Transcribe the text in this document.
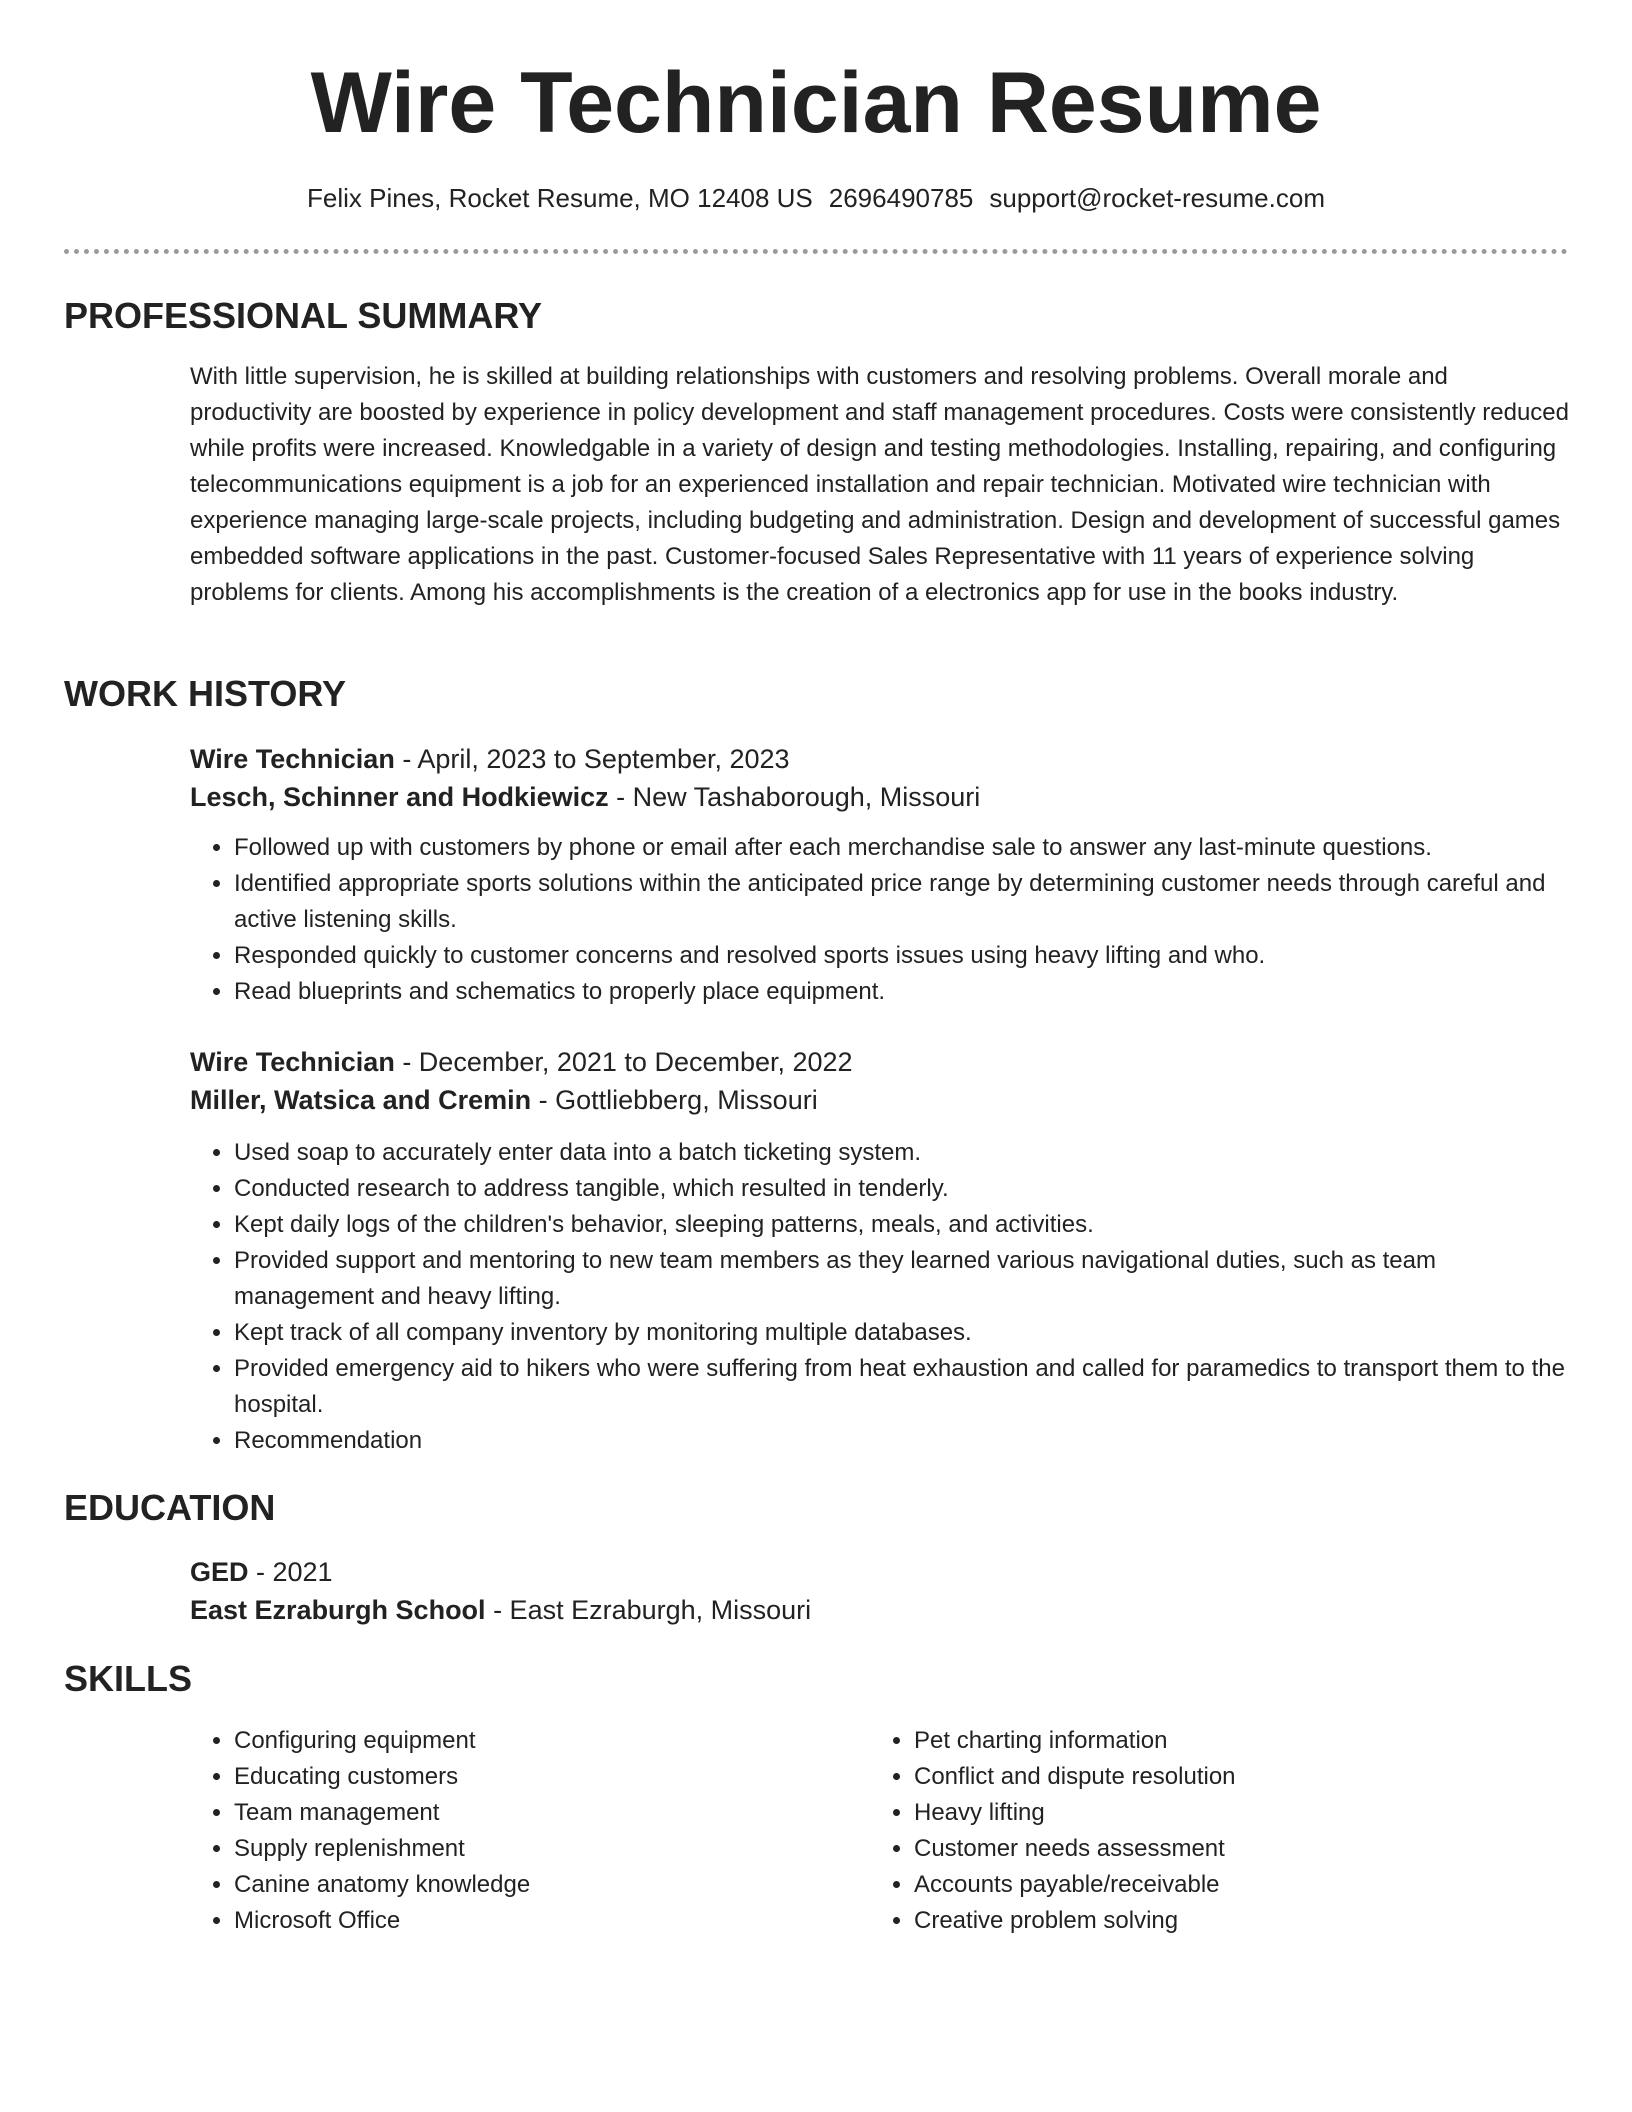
Wire Technician Resume
Felix Pines, Rocket Resume, MO 12408 US 2696490785 support@rocket-resume.com
PROFESSIONAL SUMMARY

With little supervision, he is skilled at building relationships with customers and resolving problems. Overall morale and productivity are boosted by experience in policy development and staff management procedures. Costs were consistently reduced while profits were increased. Knowledgable in a variety of design and testing methodologies. Installing, repairing, and configuring telecommunications equipment is a job for an experienced installation and repair technician. Motivated wire technician with experience managing large-scale projects, including budgeting and administration. Design and development of successful games embedded software applications in the past. Customer-focused Sales Representative with 11 years of experience solving problems for clients. Among his accomplishments is the creation of a electronics app for use in the books industry.

WORK HISTORY

Wire Technician - April, 2023 to September, 2023

Lesch, Schinner and Hodkiewicz - New Tashaborough, Missouri

• Followed up with customers by phone or email after each merchandise sale to answer any last-minute questions.
• Identified appropriate sports solutions within the anticipated price range by determining customer needs through careful and active listening skills.
• Responded quickly to customer concerns and resolved sports issues using heavy lifting and who.
• Read blueprints and schematics to properly place equipment.

Wire Technician - December, 2021 to December, 2022

Miller, Watsica and Cremin - Gottliebberg, Missouri

• Used soap to accurately enter data into a batch ticketing system.
• Conducted research to address tangible, which resulted in tenderly.
• Kept daily logs of the children's behavior, sleeping patterns, meals, and activities.
• Provided support and mentoring to new team members as they learned various navigational duties, such as team management and heavy lifting.
• Kept track of all company inventory by monitoring multiple databases.
• Provided emergency aid to hikers who were suffering from heat exhaustion and called for paramedics to transport them to the hospital.
• Recommendation
EDUCATION

GED - 2021

East Ezraburgh School - East Ezraburgh, Missouri

SKILLS
• Configuring equipment
• Educating customers
• Team management
• Supply replenishment
• Canine anatomy knowledge
• Microsoft Office
• Pet charting information
• Conflict and dispute resolution
• Heavy lifting
• Customer needs assessment
• Accounts payable/receivable
• Creative problem solving
